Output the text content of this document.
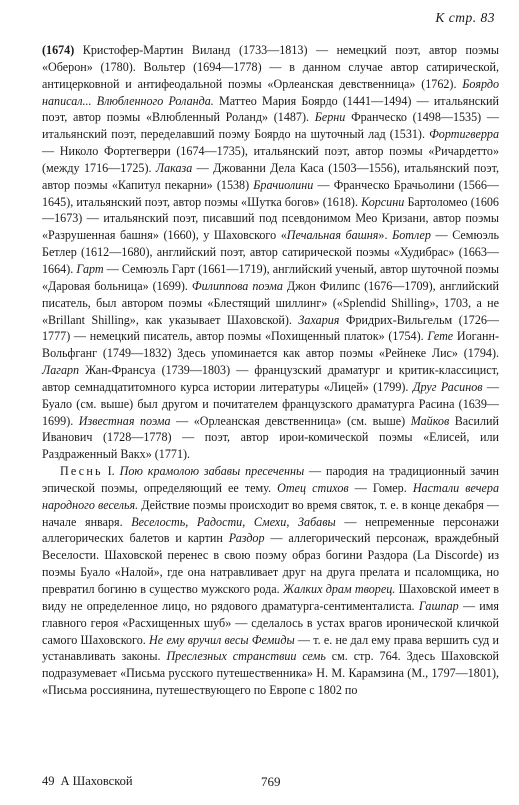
К стр. 83

(1674) Кристофер-Мартин Виланд (1733—1813) — немецкий поэт, автор поэмы «Оберон» (1780). Вольтер (1694—1778) — в данном случае автор сатирической, антицерковной и антифеодальной поэмы «Орлеанская девственница» (1762). Боярдо написал... Влюбленного Роланда. Маттео Мария Боярдо (1441—1494) — итальянский поэт, автор поэмы «Влюбленный Роланд» (1487). Берни Франческо (1498—1535) — итальянский поэт, переделавший поэму Боярдо на шуточный лад (1531). Фортигверра — Николо Фортегверри (1674—1735), итальянский поэт, автор поэмы «Ричардетто» (между 1716—1725). Лаказа — Джованни Дела Каса (1503—1556), итальянский поэт, автор поэмы «Капитул пекарни» (1538) Брачиолини — Франческо Брачьолини (1566—1645), итальянский поэт, автор поэмы «Шутка богов» (1618). Корсини Бартоломео (1606—1673) — итальянский поэт, писавший под псевдонимом Мео Кризани, автор поэмы «Разрушенная башня» (1660), у Шаховского «Печальная башня». Ботлер — Семюэль Бетлер (1612—1680), английский поэт, автор сатирической поэмы «Худибрас» (1663—1664). Гарт — Семюэль Гарт (1661—1719), английский ученый, автор шуточной поэмы «Даровая больница» (1699). Филиппова поэма Джон Филипс (1676—1709), английский писатель, был автором поэмы «Блестящий шиллинг» («Splendid Shilling», 1703, а не «Brillant Shilling», как указывает Шаховской). Захария Фридрих-Вильгельм (1726—1777) — немецкий писатель, автор поэмы «Похищенный платок» (1754). Гете Иоганн-Вольфганг (1749—1832) Здесь упоминается как автор поэмы «Рейнеке Лис» (1794). Лагарп Жан-Франсуа (1739—1803) — французский драматург и критик-классицист, автор семнадцатитомного курса истории литературы «Лицей» (1799). Друг Расинов — Буало (см. выше) был другом и почитателем французского драматурга Расина (1639—1699). Известная поэма — «Орлеанская девственница» (см. выше) Майков Василий Иванович (1728—1778) — поэт, автор ирои-комической поэмы «Елисей, или Раздраженный Вакх» (1771).

Песнь I. Пою крамолою забавы пресеченны — пародия на традиционный зачин эпической поэмы, определяющий ее тему. Отец стихов — Гомер. Настали вечера народного веселья. Действие поэмы происходит во время святок, т. е. в конце декабря — начале января. Веселость, Радости, Смехи, Забавы — непременные персонажи аллегорических балетов и картин Раздор — аллегорический персонаж, враждебный Веселости. Шаховской перенес в свою поэму образ богини Раздора (La Discorde) из поэмы Буало «Налой», где она натравливает друг на друга прелата и псаломщика, но превратил богиню в существо мужского рода. Жалких драм творец. Шаховской имеет в виду не определенное лицо, но рядового драматурга-сентименталиста. Гашпар — имя главного героя «Расхищенных шуб» — сделалось в устах врагов иронической кличкой самого Шаховского. Не ему вручил весы Фемиды — т. е. не дал ему права вершить суд и устанавливать законы. Преслезных странствии семь см. стр. 764. Здесь Шаховской подразумевает «Письма русского путешественника» Н. М. Карамзина (М., 1797—1801), «Письма россиянина, путешествующего по Европе с 1802 по

49 А Шаховской	769
